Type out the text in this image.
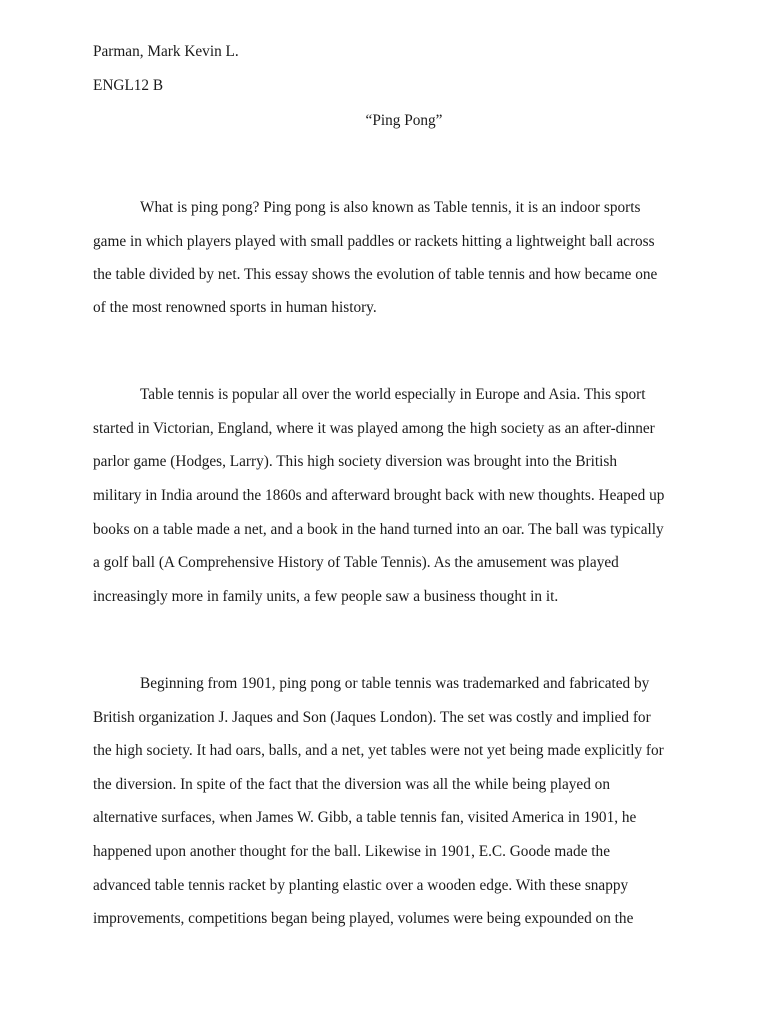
Parman, Mark Kevin L.
ENGL12 B
“Ping Pong”
What is ping pong? Ping pong is also known as Table tennis, it is an indoor sports
game in which players played with small paddles or rackets hitting a lightweight ball across
the table divided by net. This essay shows the evolution of table tennis and how became one
of the most renowned sports in human history.
Table tennis is popular all over the world especially in Europe and Asia. This sport
started in Victorian, England, where it was played among the high society as an after-dinner
parlor game (Hodges, Larry). This high society diversion was brought into the British
military in India around the 1860s and afterward brought back with new thoughts. Heaped up
books on a table made a net, and a book in the hand turned into an oar. The ball was typically
a golf ball (A Comprehensive History of Table Tennis). As the amusement was played
increasingly more in family units, a few people saw a business thought in it.
Beginning from 1901, ping pong or table tennis was trademarked and fabricated by
British organization J. Jaques and Son (Jaques London). The set was costly and implied for
the high society. It had oars, balls, and a net, yet tables were not yet being made explicitly for
the diversion. In spite of the fact that the diversion was all the while being played on
alternative surfaces, when James W. Gibb, a table tennis fan, visited America in 1901, he
happened upon another thought for the ball. Likewise in 1901, E.C. Goode made the
advanced table tennis racket by planting elastic over a wooden edge. With these snappy
improvements, competitions began being played, volumes were being expounded on the
